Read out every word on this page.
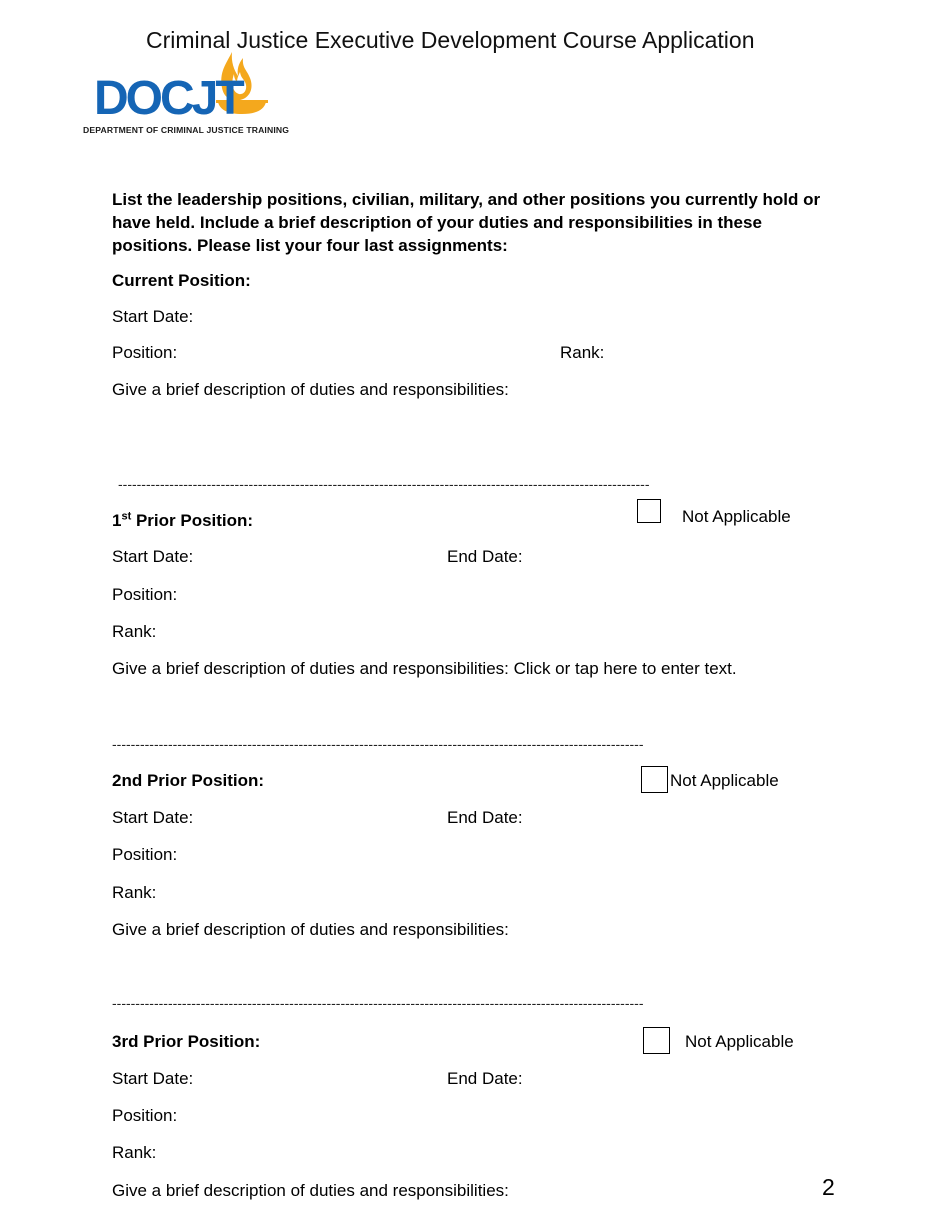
Criminal Justice Executive Development Course Application
DOCJT
DEPARTMENT OF CRIMINAL JUSTICE TRAINING
List the leadership positions, civilian, military, and other positions you currently hold or have held. Include a brief description of your duties and responsibilities in these positions. Please list your four last assignments:
Current Position:
Start Date:
Position:	Rank:
Give a brief description of duties and responsibilities:
------------------------------------------------------------------------------------------------------------------
1st Prior Position:	Not Applicable
Start Date:	End Date:
Position:
Rank:
Give a brief description of duties and responsibilities: Click or tap here to enter text.
------------------------------------------------------------------------------------------------------------------
2nd Prior Position:	Not Applicable
Start Date:	End Date:
Position:
Rank:
Give a brief description of duties and responsibilities:
------------------------------------------------------------------------------------------------------------------
3rd Prior Position:	Not Applicable
Start Date:	End Date:
Position:
Rank:
Give a brief description of duties and responsibilities:	2
